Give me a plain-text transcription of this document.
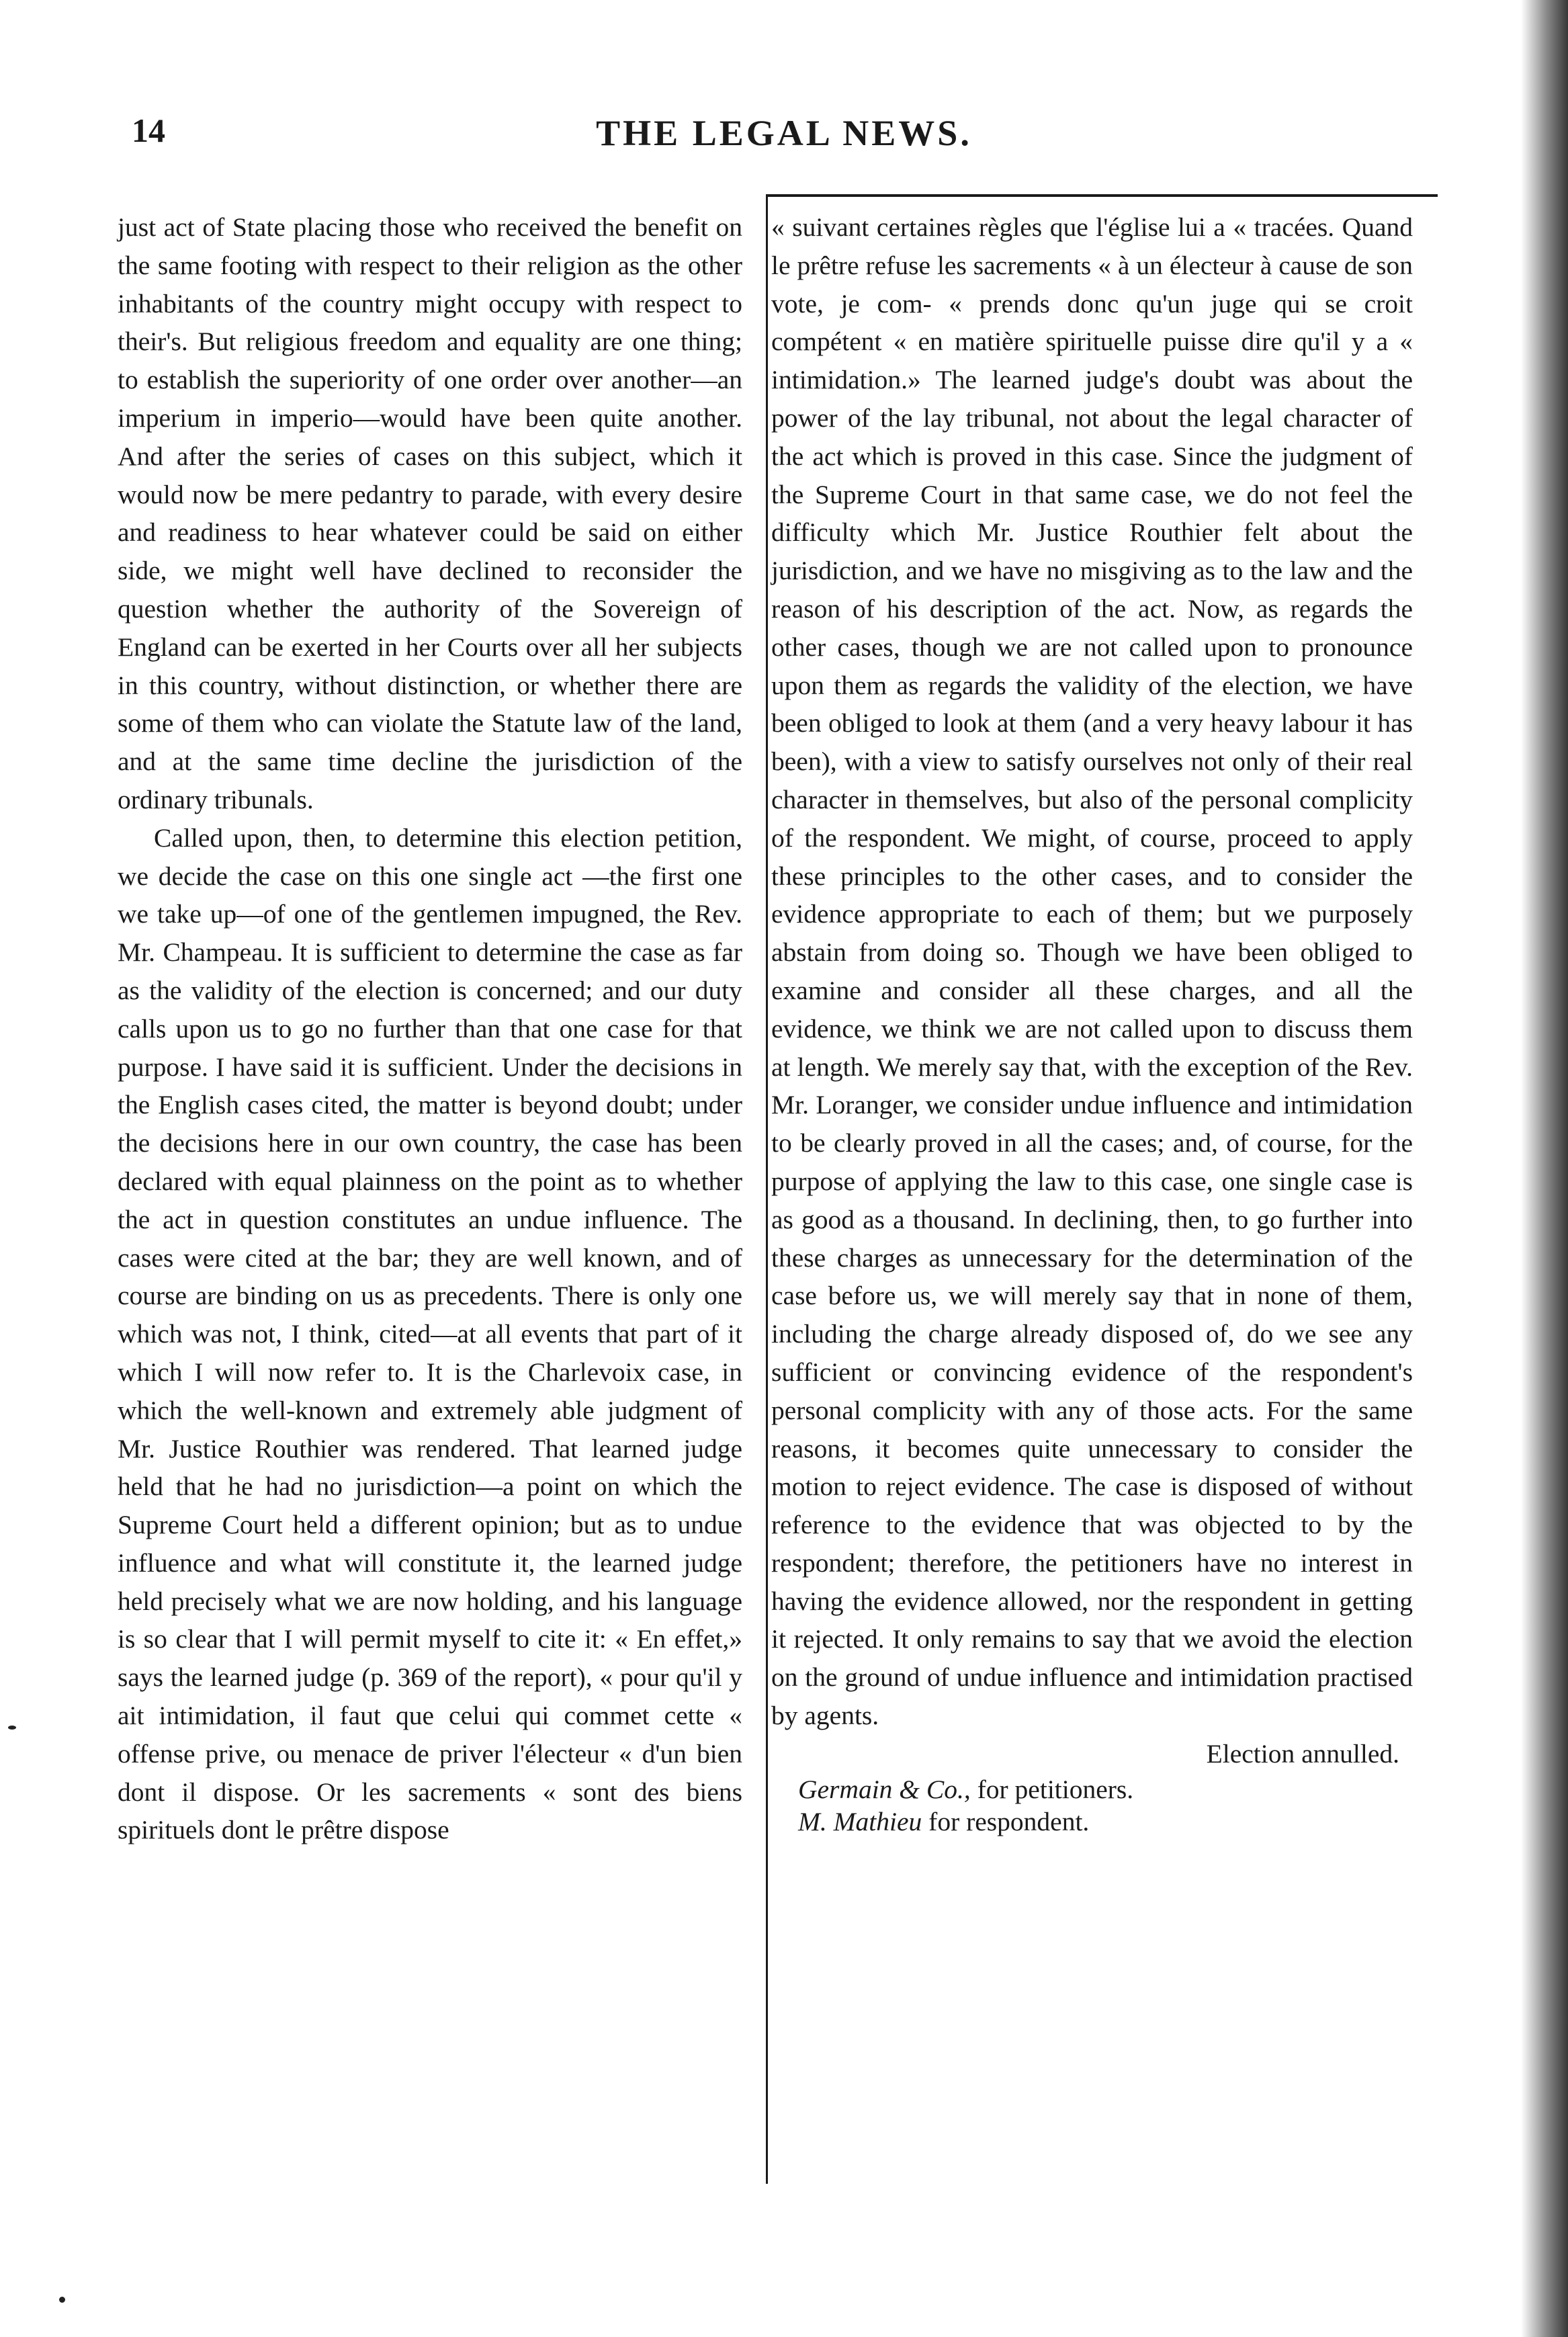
14	THE LEGAL NEWS.

just act of State placing those who received the benefit on the same footing with respect to their religion as the other inhabitants of the country might occupy with respect to their's. But religious freedom and equality are one thing; to establish the superiority of one order over another—an imperium in imperio—would have been quite another. And after the series of cases on this subject, which it would now be mere pedantry to parade, with every desire and readiness to hear whatever could be said on either side, we might well have declined to reconsider the question whether the authority of the Sovereign of England can be exerted in her Courts over all her subjects in this country, without distinction, or whether there are some of them who can violate the Statute law of the land, and at the same time decline the jurisdiction of the ordinary tribunals.

Called upon, then, to determine this election petition, we decide the case on this one single act —the first one we take up—of one of the gentlemen impugned, the Rev. Mr. Champeau. It is sufficient to determine the case as far as the validity of the election is concerned; and our duty calls upon us to go no further than that one case for that purpose. I have said it is sufficient. Under the decisions in the English cases cited, the matter is beyond doubt; under the decisions here in our own country, the case has been declared with equal plainness on the point as to whether the act in question constitutes an undue influence. The cases were cited at the bar; they are well known, and of course are binding on us as precedents. There is only one which was not, I think, cited—at all events that part of it which I will now refer to. It is the Charlevoix case, in which the well-known and extremely able judgment of Mr. Justice Routhier was rendered. That learned judge held that he had no jurisdiction—a point on which the Supreme Court held a different opinion; but as to undue influence and what will constitute it, the learned judge held precisely what we are now holding, and his language is so clear that I will permit myself to cite it: « En effet,» says the learned judge (p. 369 of the report), « pour qu'il y ait intimidation, il faut que celui qui commet cette « offense prive, ou menace de priver l'électeur « d'un bien dont il dispose. Or les sacrements « sont des biens spirituels dont le prêtre dispose

« suivant certaines règles que l'église lui a « tracées. Quand le prêtre refuse les sacrements « à un électeur à cause de son vote, je com- « prends donc qu'un juge qui se croit compétent « en matière spirituelle puisse dire qu'il y a « intimidation.» The learned judge's doubt was about the power of the lay tribunal, not about the legal character of the act which is proved in this case. Since the judgment of the Supreme Court in that same case, we do not feel the difficulty which Mr. Justice Routhier felt about the jurisdiction, and we have no misgiving as to the law and the reason of his description of the act. Now, as regards the other cases, though we are not called upon to pronounce upon them as regards the validity of the election, we have been obliged to look at them (and a very heavy labour it has been), with a view to satisfy ourselves not only of their real character in themselves, but also of the personal complicity of the respondent. We might, of course, proceed to apply these principles to the other cases, and to consider the evidence appropriate to each of them; but we purposely abstain from doing so. Though we have been obliged to examine and consider all these charges, and all the evidence, we think we are not called upon to discuss them at length. We merely say that, with the exception of the Rev. Mr. Loranger, we consider undue influence and intimidation to be clearly proved in all the cases; and, of course, for the purpose of applying the law to this case, one single case is as good as a thousand. In declining, then, to go further into these charges as unnecessary for the determination of the case before us, we will merely say that in none of them, including the charge already disposed of, do we see any sufficient or convincing evidence of the respondent's personal complicity with any of those acts. For the same reasons, it becomes quite unnecessary to consider the motion to reject evidence. The case is disposed of without reference to the evidence that was objected to by the respondent; therefore, the petitioners have no interest in having the evidence allowed, nor the respondent in getting it rejected. It only remains to say that we avoid the election on the ground of undue influence and intimidation practised by agents.

Election annulled.

Germain & Co., for petitioners.

M. Mathieu for respondent.
